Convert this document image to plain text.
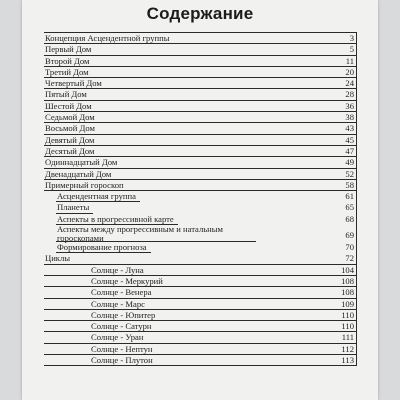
Содержание
Концепция Асцендентной группы	3
Первый Дом	5
Второй Дом	11
Третий Дом	20
Четвертый Дом	24
Пятый Дом	28
Шестой Дом	36
Седьмой Дом	38
Восьмой Дом	43
Девятый Дом	45
Десятый Дом	47
Одиннадцатый Дом	49
Двенадцатый Дом	52
Примерный гороскоп	58
Асцендентная группа	61
Планеты	65
Аспекты в прогрессивной карте	68
Аспекты между прогрессивным и натальным гороскопами	69
Формирование прогноза	70
Циклы	72
Солнце - Луна	104
Солнце - Меркурий	108
Солнце - Венера	108
Солнце - Марс	109
Солнце - Юпитер	110
Солнце - Сатурн	110
Солнце - Уран	111
Солнце - Нептун	112
Солнце - Плутон	113
